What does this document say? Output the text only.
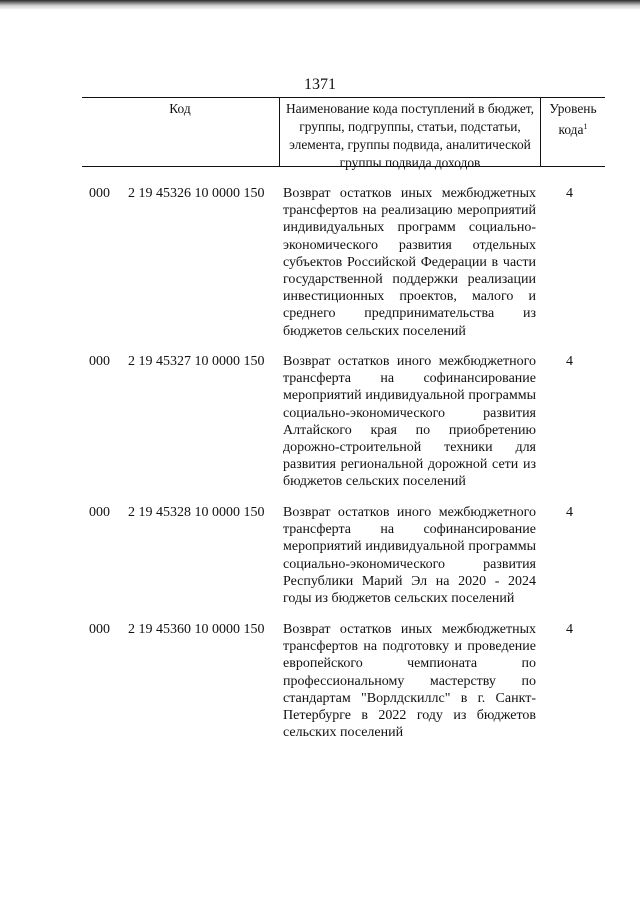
1371
Код	Наименование кода поступлений в бюджет, группы, подгруппы, статьи, подстатьи, элемента, группы подвида, аналитической группы подвида доходов
Уровень кода$^1$
000 2 19 45326 10 0000 150 Возврат остатков иных межбюджетных трансфертов на реализацию мероприятий индивидуальных программ социально-экономического развития отдельных субъектов Российской Федерации в части государственной поддержки реализации инвестиционных проектов, малого и среднего предпринимательства из бюджетов сельских поселений
4
000 2 19 45327 10 0000 150 Возврат остатков иного межбюджетного трансферта на софинансирование мероприятий индивидуальной программы социально-экономического развития Алтайского края по приобретению дорожно-строительной техники для развития региональной дорожной сети из бюджетов сельских поселений
4
000 2 19 45328 10 0000 150 Возврат остатков иного межбюджетного трансферта на софинансирование мероприятий индивидуальной программы социально-экономического развития Республики Марий Эл на 2020 - 2024 годы из бюджетов сельских поселений
4
000 2 19 45360 10 0000 150 Возврат остатков иных межбюджетных трансфертов на подготовку и проведение европейского чемпионата по профессиональному мастерству по стандартам "Ворлдскиллс" в г. Санкт-Петербурге в 2022 году из бюджетов сельских поселений
4
